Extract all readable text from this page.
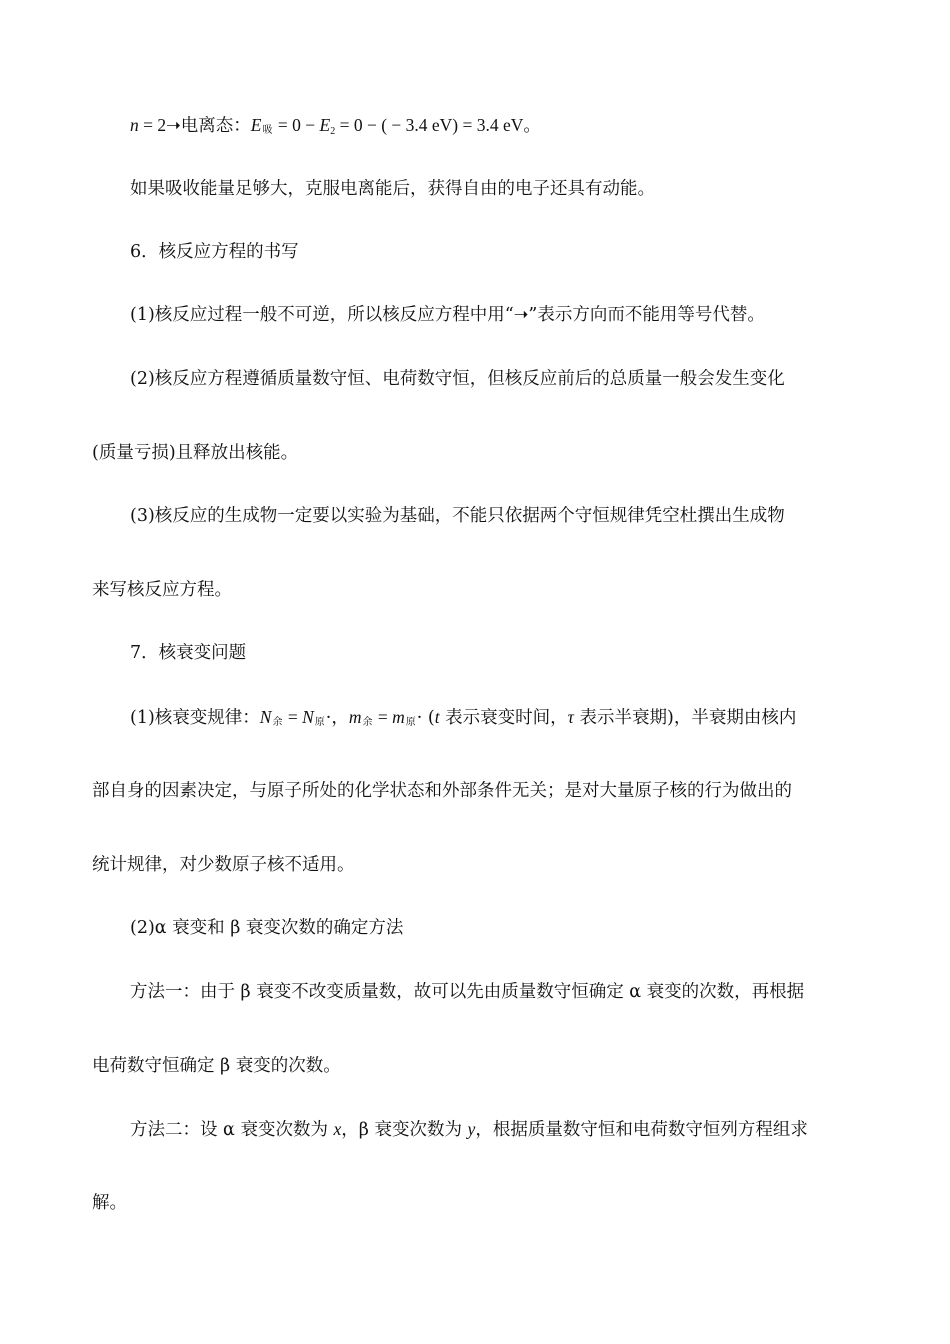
n = 2➝电离态：$E_吸 = 0 - E2 = 0$ − ( − 3.4 eV) = 3.4 eV。
如果吸收能量足够大，克服电离能后，获得自由的电子还具有动能。
6．核反应方程的书写
(1)核反应过程一般不可逆，所以核反应方程中用“➝”表示方向而不能用等号代替。
(2)核反应方程遵循质量数守恒、电荷数守恒，但核反应前后的总质量一般会发生变化
(质量亏损)且释放出核能。
(3)核反应的生成物一定要以实验为基础，不能只依据两个守恒规律凭空杜撰出生成物
来写核反应方程。
7．核衰变问题
(1)核衰变规律：$N_余 = N_原\cdot$，$m_余 = m_原\cdot (t$ 表示衰变时间，τ 表示半衰期)，半衰期由核内
部自身的因素决定，与原子所处的化学状态和外部条件无关；是对大量原子核的行为做出的
统计规律，对少数原子核不适用。
(2)α 衰变和 β 衰变次数的确定方法
方法一：由于 β 衰变不改变质量数，故可以先由质量数守恒确定 α 衰变的次数，再根据
电荷数守恒确定 β 衰变的次数。
方法二：设 α 衰变次数为 x，β 衰变次数为 y，根据质量数守恒和电荷数守恒列方程组求
解。
